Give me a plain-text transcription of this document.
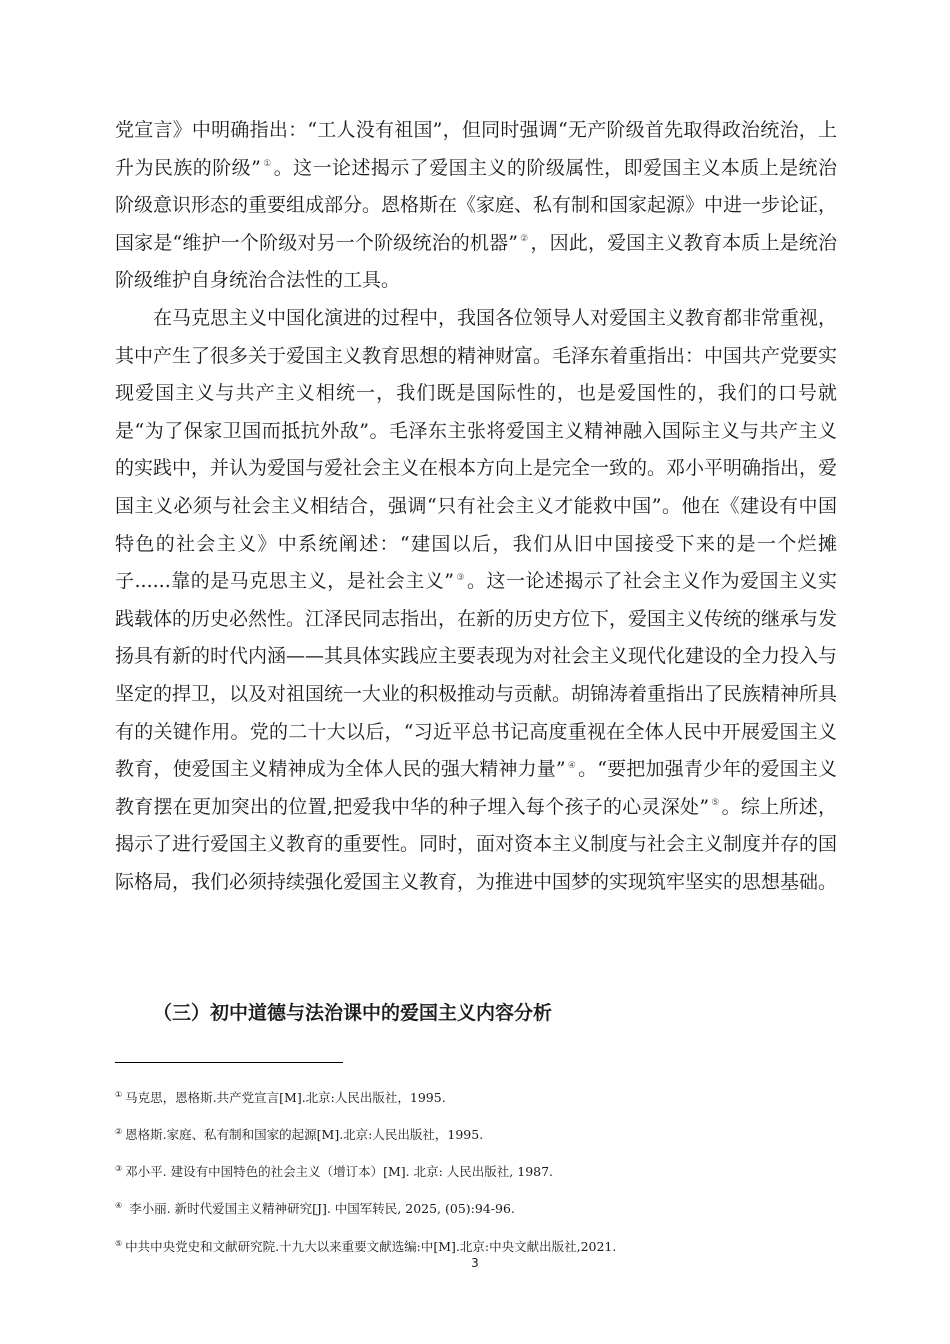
党宣言》中明确指出：“工人没有祖国”，但同时强调“无产阶级首先取得政治统治，上升为民族的阶级” ① 。这一论述揭示了爱国主义的阶级属性，即爱国主义本质上是统治阶级意识形态的重要组成部分。恩格斯在《家庭、私有制和国家起源》中进一步论证，国家是“维护一个阶级对另一个阶级统治的机器” ② ，因此，爱国主义教育本质上是统治阶级维护自身统治合法性的工具。

在马克思主义中国化演进的过程中，我国各位领导人对爱国主义教育都非常重视，其中产生了很多关于爱国主义教育思想的精神财富。毛泽东着重指出：中国共产党要实现爱国主义与共产主义相统一，我们既是国际性的，也是爱国性的，我们的口号就是“为了保家卫国而抵抗外敌”。毛泽东主张将爱国主义精神融入国际主义与共产主义的实践中，并认为爱国与爱社会主义在根本方向上是完全一致的。邓小平明确指出，爱国主义必须与社会主义相结合，强调“只有社会主义才能救中国”。他在《建设有中国特色的社会主义》中系统阐述：“建国以后，我们从旧中国接受下来的是一个烂摊子......靠的是马克思主义，是社会主义” ③ 。这一论述揭示了社会主义作为爱国主义实践载体的历史必然性。江泽民同志指出，在新的历史方位下，爱国主义传统的继承与发扬具有新的时代内涵——其具体实践应主要表现为对社会主义现代化建设的全力投入与坚定的捍卫，以及对祖国统一大业的积极推动与贡献。胡锦涛着重指出了民族精神所具有的关键作用。党的二十大以后，“习近平总书记高度重视在全体人民中开展爱国主义教育，使爱国主义精神成为全体人民的强大精神力量” ④ 。“要把加强青少年的爱国主义教育摆在更加突出的位置,把爱我中华的种子埋入每个孩子的心灵深处” ⑤ 。综上所述，揭示了进行爱国主义教育的重要性。同时，面对资本主义制度与社会主义制度并存的国际格局，我们必须持续强化爱国主义教育，为推进中国梦的实现筑牢坚实的思想基础。

（三）初中道德与法治课中的爱国主义内容分析

① 马克思，恩格斯.共产党宣言[M].北京:人民出版社，1995.

② 恩格斯.家庭、私有制和国家的起源[M].北京:人民出版社，1995.

③ 邓小平. 建设有中国特色的社会主义（增订本）[M]. 北京: 人民出版社, 1987.

④ 李小丽. 新时代爱国主义精神研究[J]. 中国军转民, 2025, (05):94-96.

⑤ 中共中央党史和文献研究院.十九大以来重要文献选编:中[M].北京:中央文献出版社,2021.

3
